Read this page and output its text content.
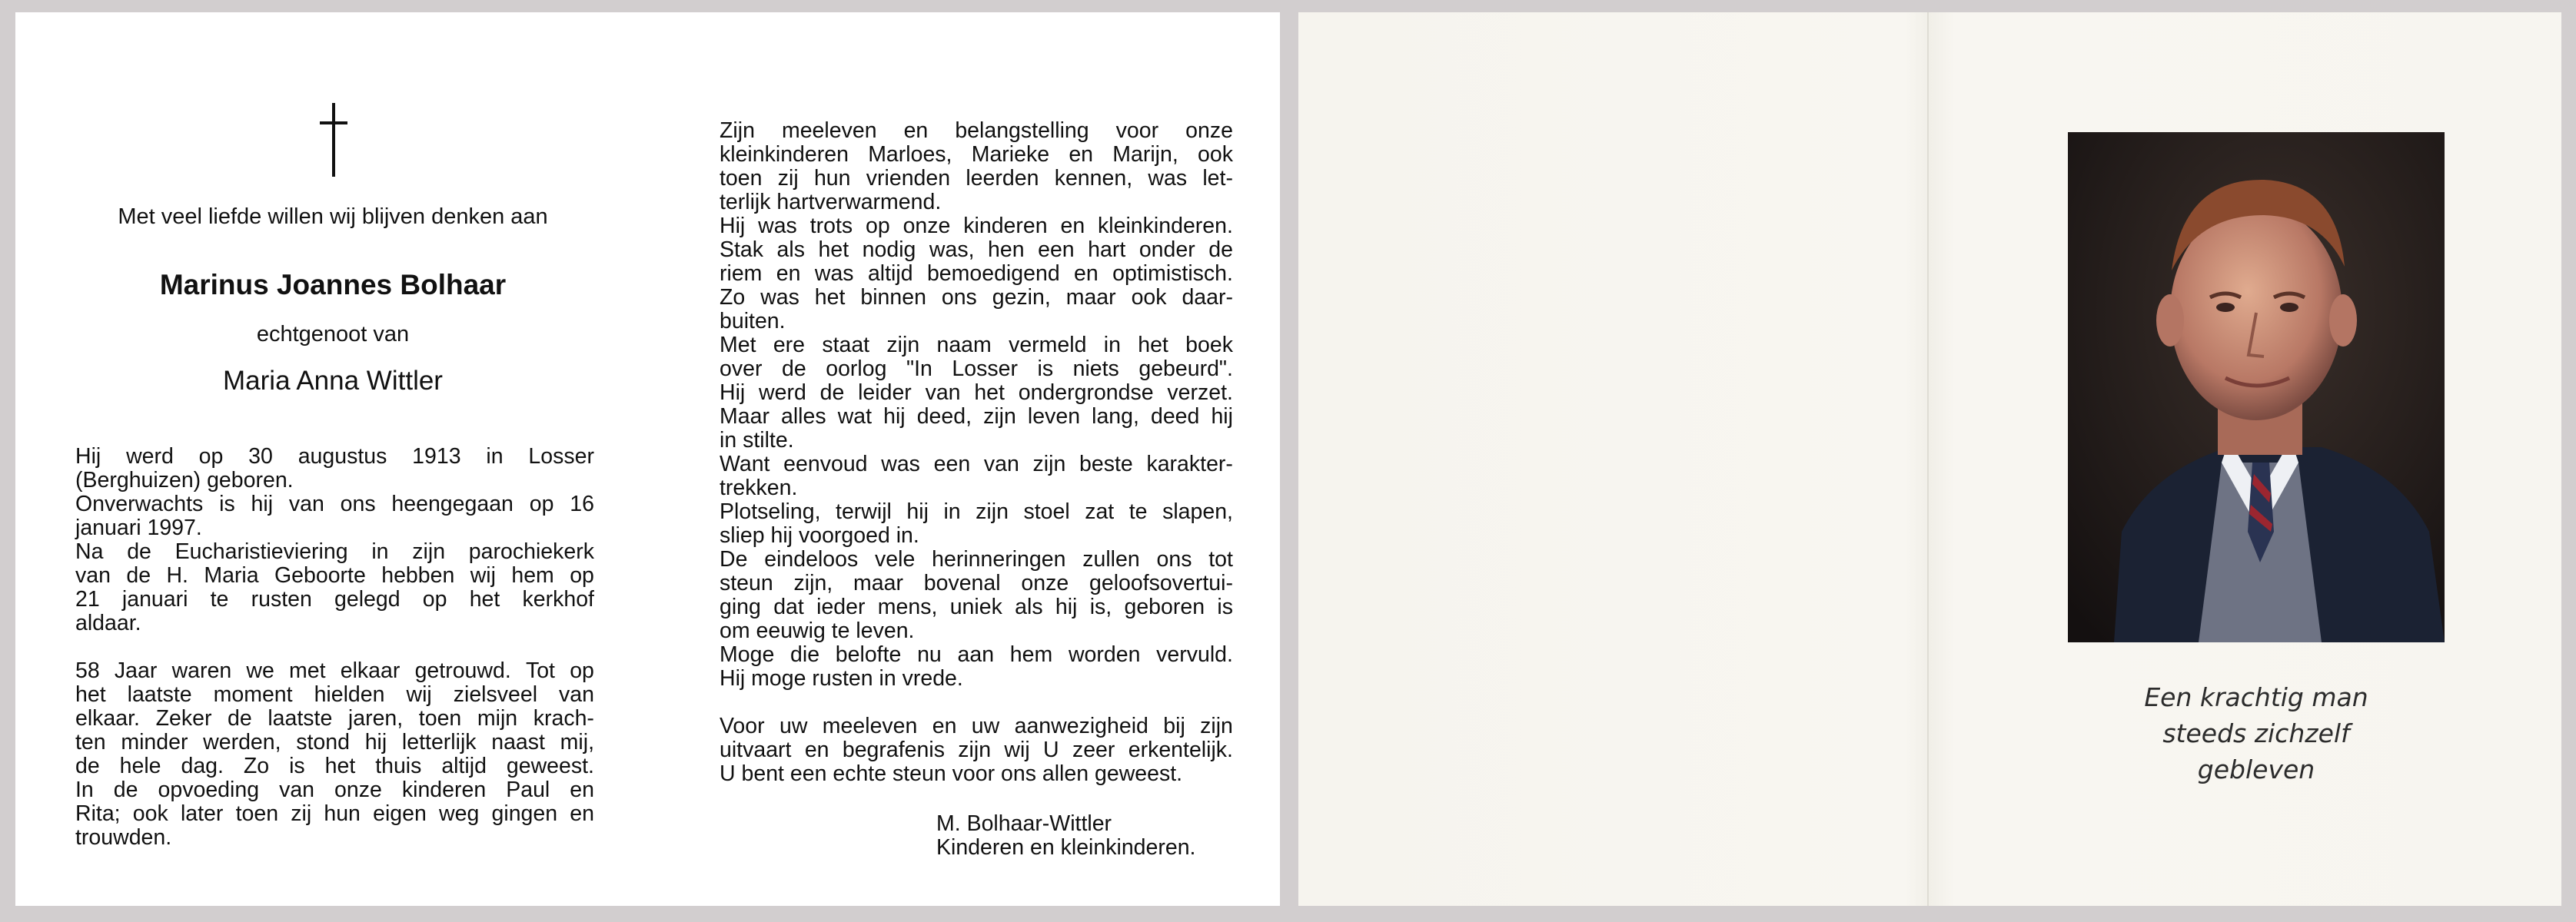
Met veel liefde willen wij blijven denken aan
Marinus Joannes Bolhaar
echtgenoot van
Maria Anna Wittler
Hij werd op 30 augustus 1913 in Losser
(Berghuizen) geboren.
Onverwachts is hij van ons heengegaan op 16
januari 1997.
Na de Eucharistieviering in zijn parochiekerk
van de H. Maria Geboorte hebben wij hem op
21 januari te rusten gelegd op het kerkhof
aldaar.
58 Jaar waren we met elkaar getrouwd. Tot op
het laatste moment hielden wij zielsveel van
elkaar. Zeker de laatste jaren, toen mijn krach-
ten minder werden, stond hij letterlijk naast mij,
de hele dag. Zo is het thuis altijd geweest.
In de opvoeding van onze kinderen Paul en
Rita; ook later toen zij hun eigen weg gingen en
trouwden.
Zijn meeleven en belangstelling voor onze
kleinkinderen Marloes, Marieke en Marijn, ook
toen zij hun vrienden leerden kennen, was let-
terlijk hartverwarmend.
Hij was trots op onze kinderen en kleinkinderen.
Stak als het nodig was, hen een hart onder de
riem en was altijd bemoedigend en optimistisch.
Zo was het binnen ons gezin, maar ook daar-
buiten.
Met ere staat zijn naam vermeld in het boek
over de oorlog "In Losser is niets gebeurd".
Hij werd de leider van het ondergrondse verzet.
Maar alles wat hij deed, zijn leven lang, deed hij
in stilte.
Want eenvoud was een van zijn beste karakter-
trekken.
Plotseling, terwijl hij in zijn stoel zat te slapen,
sliep hij voorgoed in.
De eindeloos vele herinneringen zullen ons tot
steun zijn, maar bovenal onze geloofsovertui-
ging dat ieder mens, uniek als hij is, geboren is
om eeuwig te leven.
Moge die belofte nu aan hem worden vervuld.
Hij moge rusten in vrede.
Voor uw meeleven en uw aanwezigheid bij zijn
uitvaart en begrafenis zijn wij U zeer erkentelijk.
U bent een echte steun voor ons allen geweest.
M. Bolhaar-Wittler
Kinderen en kleinkinderen.
Een krachtig man
steeds zichzelf
gebleven
